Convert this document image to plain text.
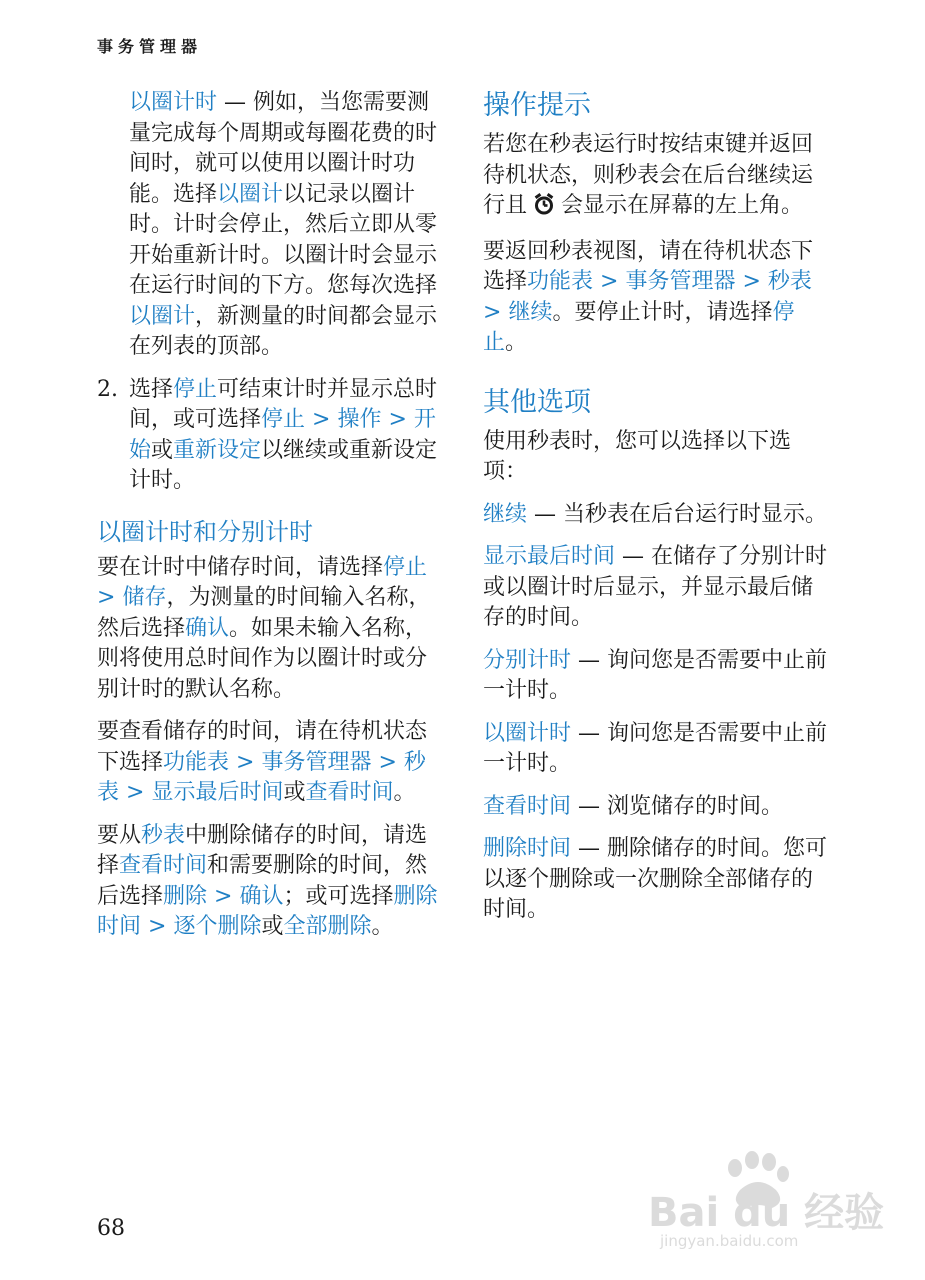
事务管理器

以圈计时 — 例如，当您需要测量完成每个周期或每圈花费的时间时，就可以使用以圈计时功能。选择以圈计以记录以圈计时。计时会停止，然后立即从零开始重新计时。以圈计时会显示在运行时间的下方。您每次选择以圈计，新测量的时间都会显示在列表的顶部。

2. 选择停止可结束计时并显示总时间，或可选择停止 > 操作 > 开始或重新设定以继续或重新设定计时。
以圈计时和分别计时

要在计时中储存时间，请选择停止 > 储存，为测量的时间输入名称，然后选择确认。如果未输入名称，则将使用总时间作为以圈计时或分别计时的默认名称。

要查看储存的时间，请在待机状态下选择功能表 > 事务管理器 > 秒表 > 显示最后时间或查看时间。

要从秒表中删除储存的时间，请选择查看时间和需要删除的时间，然后选择删除 > 确认；或可选择删除时间 > 逐个删除或全部删除。

操作提示

若您在秒表运行时按结束键并返回待机状态，则秒表会在后台继续运行且 会显示在屏幕的左上角。

要返回秒表视图，请在待机状态下选择功能表 > 事务管理器 > 秒表 > 继续。要停止计时，请选择停止。

其他选项

使用秒表时，您可以选择以下选项：

继续 — 当秒表在后台运行时显示。

显示最后时间 — 在储存了分别计时或以圈计时后显示，并显示最后储存的时间。

分别计时 — 询问您是否需要中止前一计时。

以圈计时 — 询问您是否需要中止前一计时。

查看时间 — 浏览储存的时间。

删除时间 — 删除储存的时间。您可以逐个删除或一次删除全部储存的时间。

68	Bai du 经验
jingyan.baidu.com
